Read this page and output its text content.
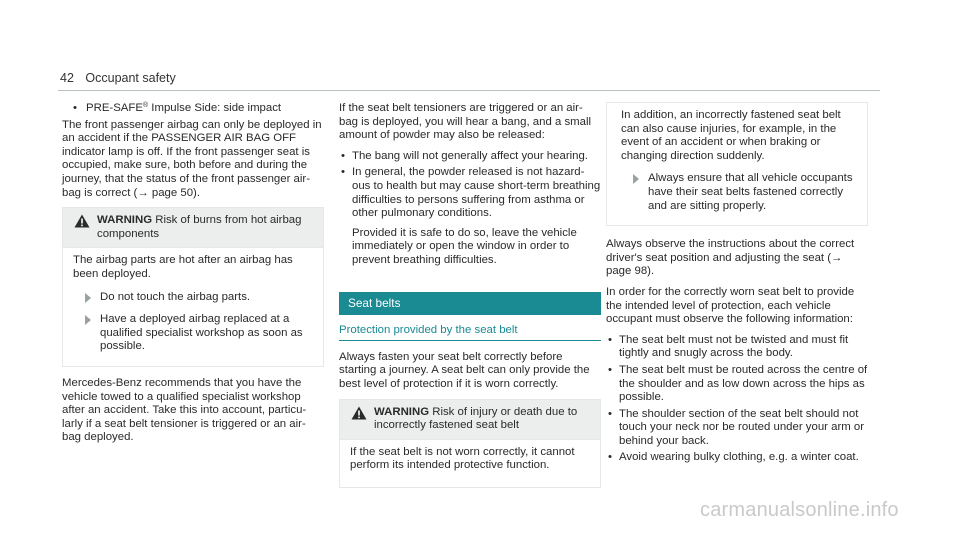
42 Occupant safety
• PRE-SAFE® Impulse Side: side impact

The front passenger airbag can only be deployed in an accident if the PASSENGER AIR BAG OFF indicator lamp is off. If the front passenger seat is occupied, make sure, both before and during the journey, that the status of the front passenger air-bag is correct (→ page 50).

WARNING Risk of burns from hot airbag components

The airbag parts are hot after an airbag has been deployed.

Do not touch the airbag parts.
Have a deployed airbag replaced at a qualified specialist workshop as soon as possible.

Mercedes-Benz recommends that you have the vehicle towed to a qualified specialist workshop after an accident. Take this into account, particu-larly if a seat belt tensioner is triggered or an air-bag deployed.

If the seat belt tensioners are triggered or an air-bag is deployed, you will hear a bang, and a small amount of powder may also be released:

• The bang will not generally affect your hearing.
• In general, the powder released is not hazard-ous to health but may cause short-term breathing difficulties to persons suffering from asthma or other pulmonary conditions.

Provided it is safe to do so, leave the vehicle immediately or open the window in order to prevent breathing difficulties.

Seat belts
Protection provided by the seat belt

Always fasten your seat belt correctly before starting a journey. A seat belt can only provide the best level of protection if it is worn correctly.

WARNING Risk of injury or death due to incorrectly fastened seat belt

If the seat belt is not worn correctly, it cannot perform its intended protective function.

In addition, an incorrectly fastened seat belt can also cause injuries, for example, in the event of an accident or when braking or changing direction suddenly.

Always ensure that all vehicle occupants have their seat belts fastened correctly and are sitting properly.

Always observe the instructions about the correct driver's seat position and adjusting the seat (→ page 98).

In order for the correctly worn seat belt to provide the intended level of protection, each vehicle occupant must observe the following information:

• The seat belt must not be twisted and must fit tightly and snugly across the body.
• The seat belt must be routed across the centre of the shoulder and as low down across the hips as possible.
• The shoulder section of the seat belt should not touch your neck nor be routed under your arm or behind your back.
• Avoid wearing bulky clothing, e.g. a winter coat.
carmanualsonline.info
